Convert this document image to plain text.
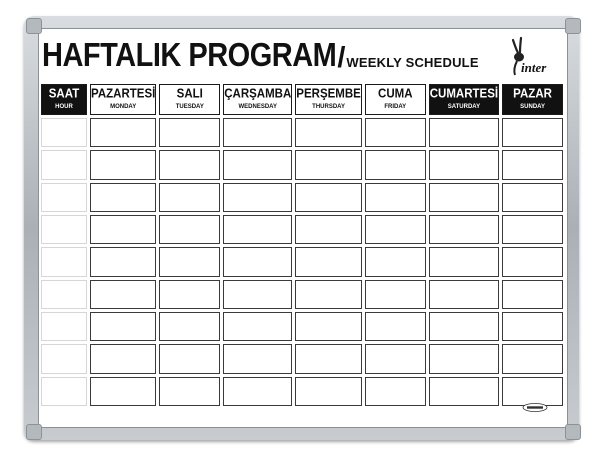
HAFTALIK PROGRAM / WEEKLY SCHEDULE	inter
SAAT
HOUR
PAZARTESİ
MONDAY
SALI
TUESDAY
ÇARŞAMBA
WEDNESDAY
PERŞEMBE
THURSDAY
CUMA
FRIDAY
CUMARTESİ
SATURDAY
PAZAR
SUNDAY
